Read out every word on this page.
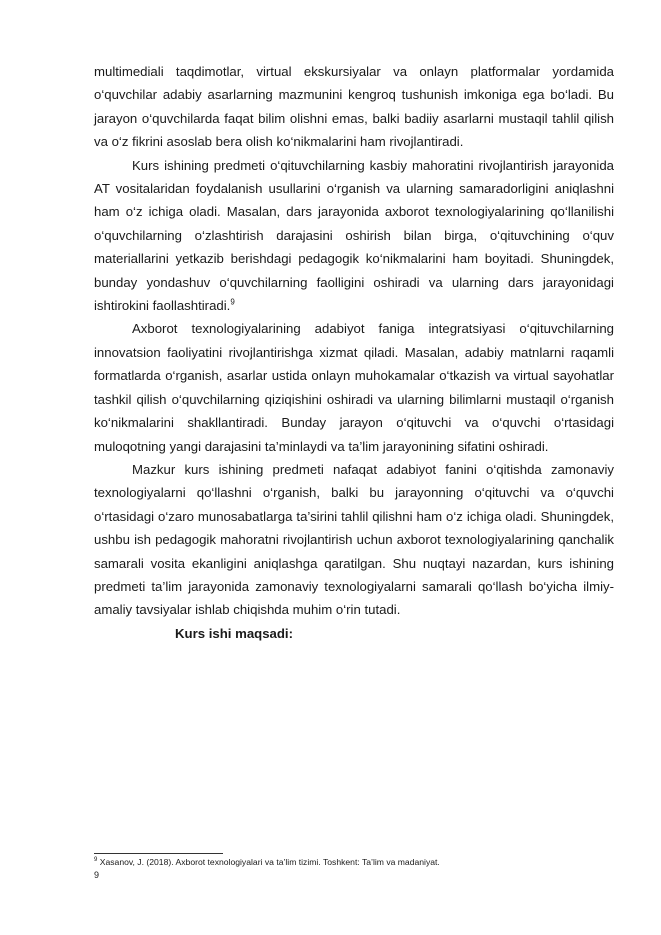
multimediali taqdimotlar, virtual ekskursiyalar va onlayn platformalar yordamida o‘quvchilar adabiy asarlarning mazmunini kengroq tushunish imkoniga ega bo‘ladi. Bu jarayon o‘quvchilarda faqat bilim olishni emas, balki badiiy asarlarni mustaqil tahlil qilish va o‘z fikrini asoslab bera olish ko‘nikmalarini ham rivojlantiradi.

Kurs ishining predmeti o‘qituvchilarning kasbiy mahoratini rivojlantirish jarayonida AT vositalaridan foydalanish usullarini o‘rganish va ularning samaradorligini aniqlashni ham o‘z ichiga oladi. Masalan, dars jarayonida axborot texnologiyalarining qo‘llanilishi o‘quvchilarning o‘zlashtirish darajasini oshirish bilan birga, o‘qituvchining o‘quv materiallarini yetkazib berishdagi pedagogik ko‘nikmalarini ham boyitadi. Shuningdek, bunday yondashuv o‘quvchilarning faolligini oshiradi va ularning dars jarayonidagi ishtirokini faollashtiradi.$^9$

Axborot texnologiyalarining adabiyot faniga integratsiyasi o‘qituvchilarning innovatsion faoliyatini rivojlantirishga xizmat qiladi. Masalan, adabiy matnlarni raqamli formatlarda o‘rganish, asarlar ustida onlayn muhokamalar o‘tkazish va virtual sayohatlar tashkil qilish o‘quvchilarning qiziqishini oshiradi va ularning bilimlarni mustaqil o‘rganish ko‘nikmalarini shakllantiradi. Bunday jarayon o‘qituvchi va o‘quvchi o‘rtasidagi muloqotning yangi darajasini ta’minlaydi va ta’lim jarayonining sifatini oshiradi.

Mazkur kurs ishining predmeti nafaqat adabiyot fanini o‘qitishda zamonaviy texnologiyalarni qo‘llashni o‘rganish, balki bu jarayonning o‘qituvchi va o‘quvchi o‘rtasidagi o‘zaro munosabatlarga ta’sirini tahlil qilishni ham o‘z ichiga oladi. Shuningdek, ushbu ish pedagogik mahoratni rivojlantirish uchun axborot texnologiyalarining qanchalik samarali vosita ekanligini aniqlashga qaratilgan. Shu nuqtayi nazardan, kurs ishining predmeti ta’lim jarayonida zamonaviy texnologiyalarni samarali qo‘llash bo‘yicha ilmiy-amaliy tavsiyalar ishlab chiqishda muhim o‘rin tutadi.

Kurs ishi maqsadi:

$^9$ Xasanov, J. (2018). Axborot texnologiyalari va ta’lim tizimi. Toshkent: Ta’lim va madaniyat.
9
